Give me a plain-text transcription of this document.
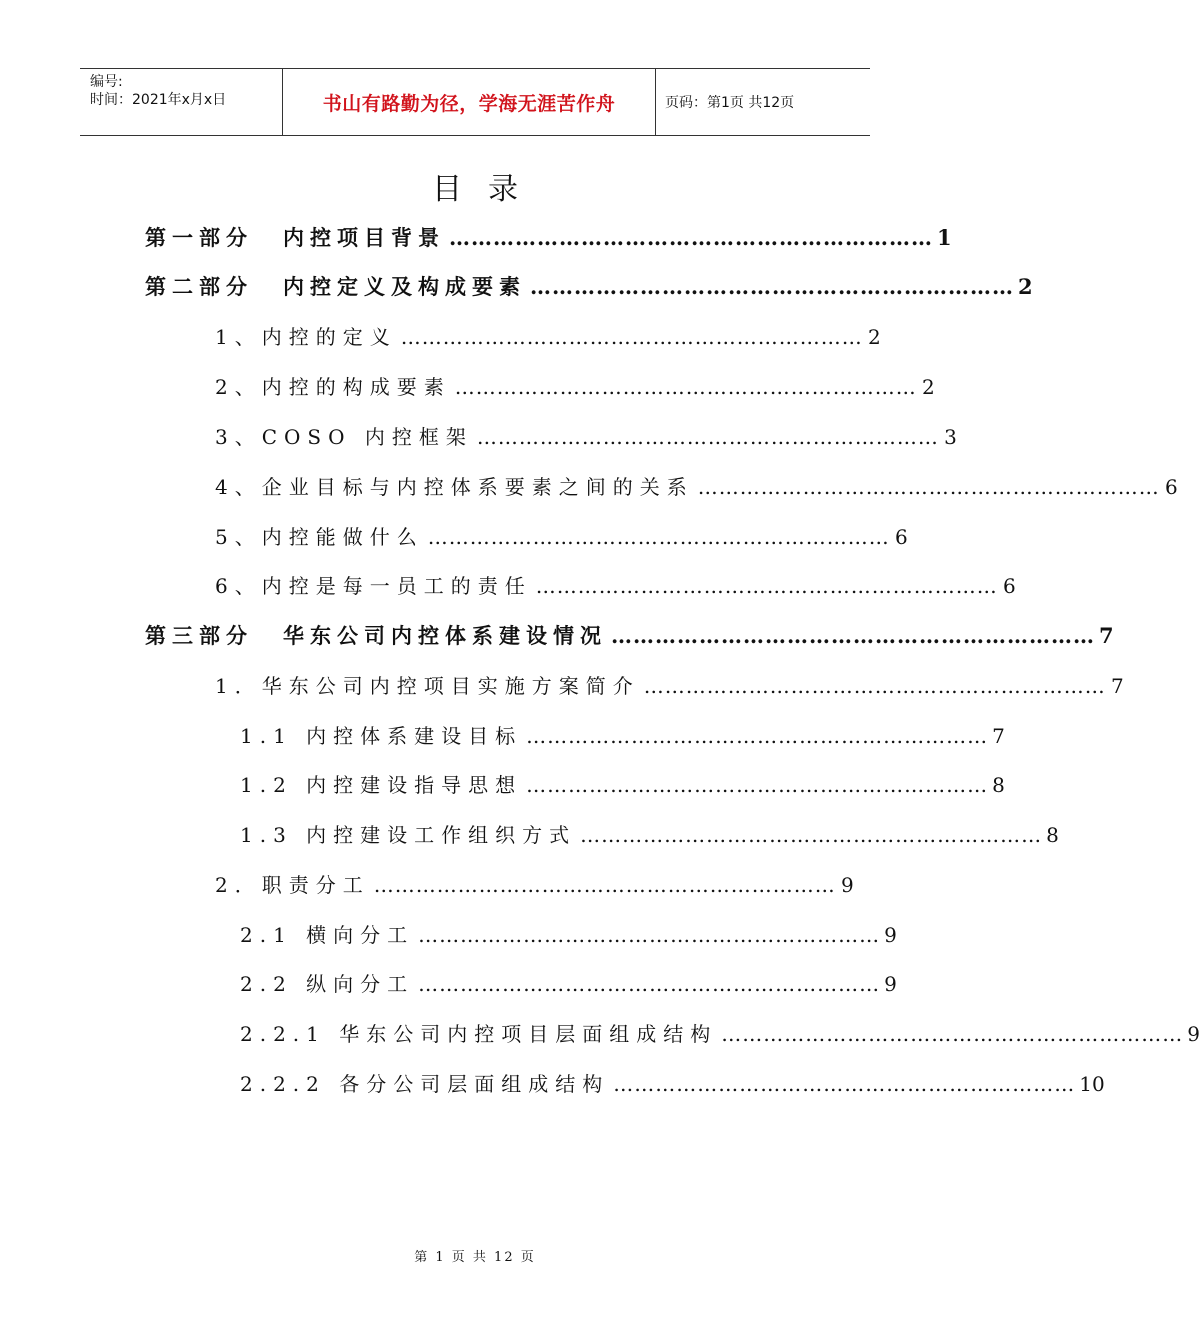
编号:
时间：2021年x月x日	书山有路勤为径，学海无涯苦作舟	页码：第1页 共12页
目录
第一部分 内控项目背景 ………………………………………………………… 1
第二部分 内控定义及构成要素 ………………………………………………………… 2
1、内控的定义 ………………………………………………………… 2
2、内控的构成要素 ………………………………………………………… 2
3、COSO 内控框架 ………………………………………………………… 3
4、企业目标与内控体系要素之间的关系 ………………………………………………………… 6
5、内控能做什么 ………………………………………………………… 6
6、内控是每一员工的责任 ………………………………………………………… 6
第三部分 华东公司内控体系建设情况 ………………………………………………………… 7
1．华东公司内控项目实施方案简介 ………………………………………………………… 7
1.1 内控体系建设目标 ………………………………………………………… 7
1.2 内控建设指导思想 ………………………………………………………… 8
1.3 内控建设工作组织方式 ………………………………………………………… 8
2．职责分工 ………………………………………………………… 9
2.1 横向分工 ………………………………………………………… 9
2.2 纵向分工 ………………………………………………………… 9
2.2.1 华东公司内控项目层面组成结构 ………………………………………………………… 9
2.2.2 各分公司层面组成结构 ………………………………………………………… 10
第 1 页 共 12 页
